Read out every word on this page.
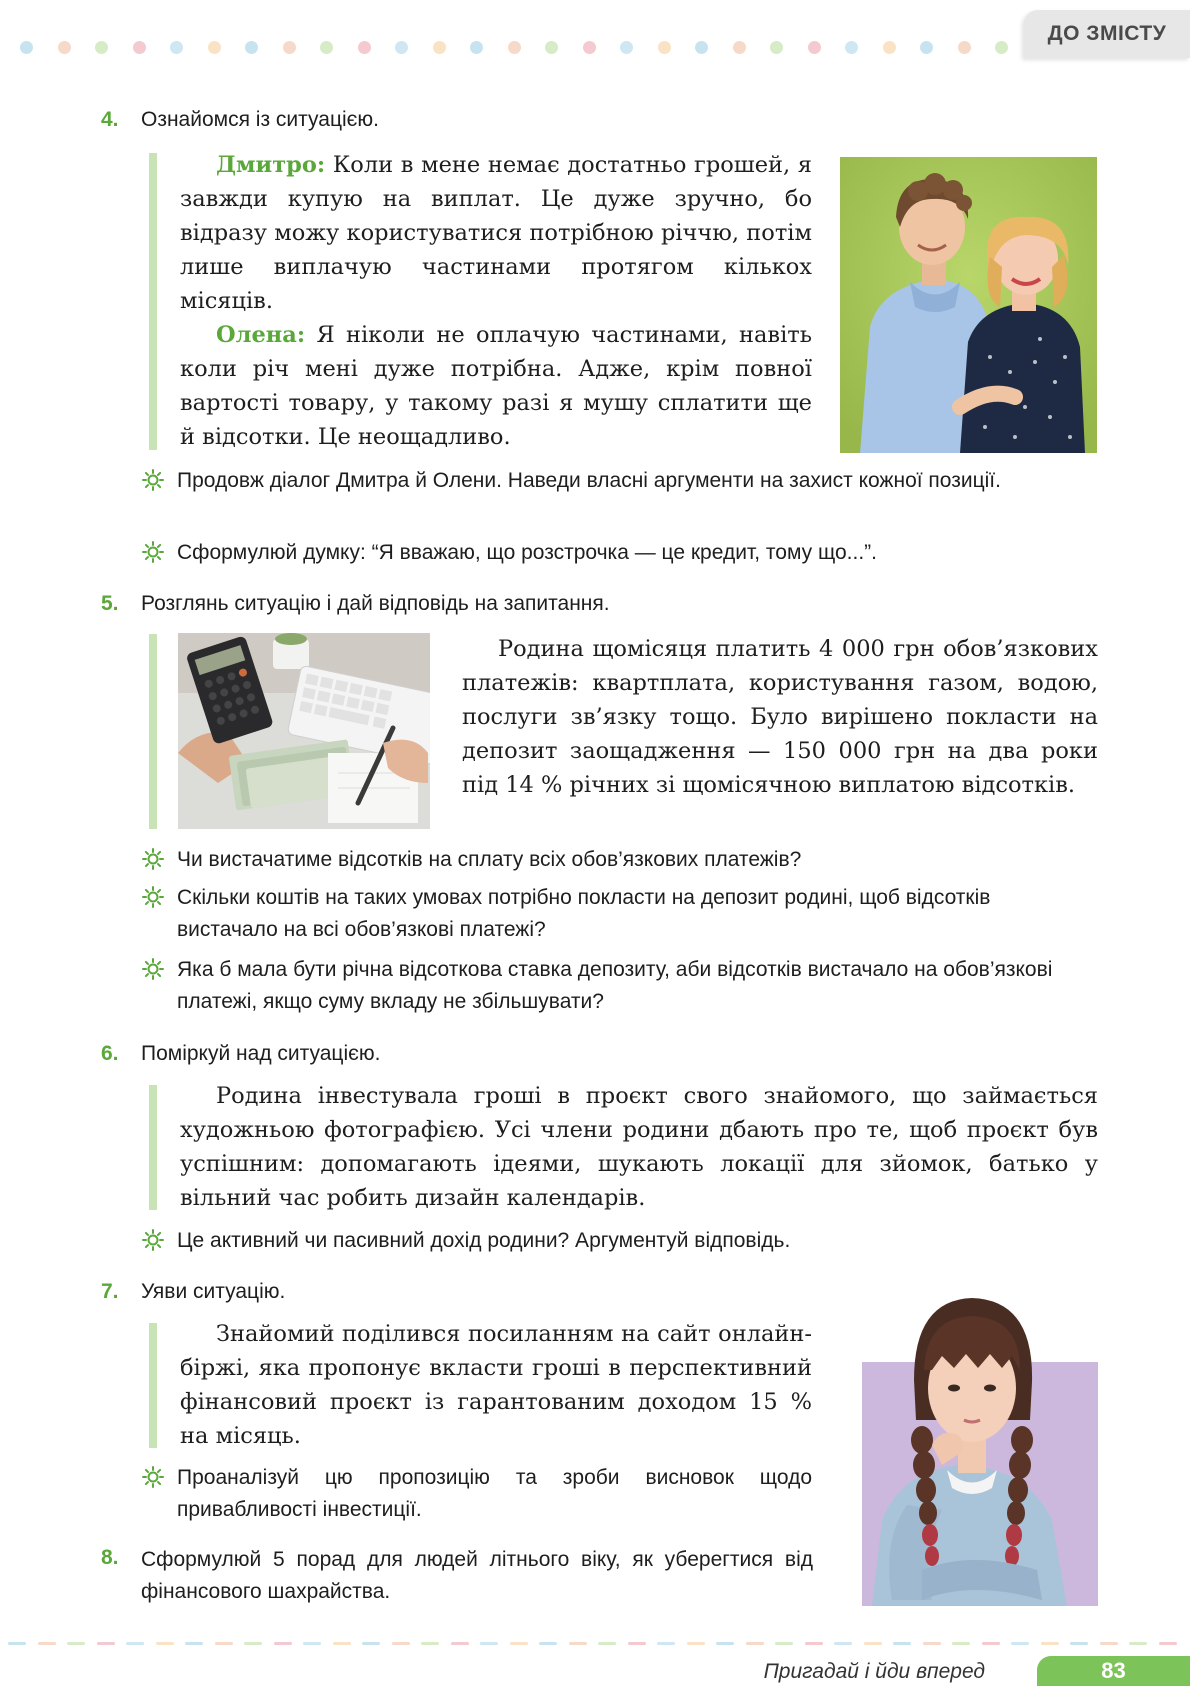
ДО ЗМІСТУ
4. Ознайомся із ситуацією.
Дмитро: Коли в мене немає достатньо грошей, я завжди купую на виплат. Це дуже зручно, бо відразу можу користуватися потрібною річчю, потім лише виплачую частинами протягом кількох місяців.
Олена: Я ніколи не оплачую частинами, навіть коли річ мені дуже потрібна. Адже, крім повної вартості товару, у такому разі я мушу сплатити ще й відсотки. Це неощадливо.
Продовж діалог Дмитра й Олени. Наведи власні аргументи на захист кожної позиції.
Сформулюй думку: “Я вважаю, що розстрочка — це кредит, тому що...”.
5. Розглянь ситуацію і дай відповідь на запитання.
Родина щомісяця платить 4 000 грн обов’язкових платежів: квартплата, користування газом, водою, послуги зв’язку тощо. Було вирішено покласти на депозит заощадження — 150 000 грн на два роки під 14 % річних зі щомісячною виплатою відсотків.
Чи вистачатиме відсотків на сплату всіх обов’язкових платежів?
Скільки коштів на таких умовах потрібно покласти на депозит родині, щоб відсотків вистачало на всі обов’язкові платежі?
Яка б мала бути річна відсоткова ставка депозиту, аби відсотків вистачало на обов’язкові платежі, якщо суму вкладу не збільшувати?
6. Поміркуй над ситуацією.
Родина інвестувала гроші в проєкт свого знайомого, що займається художньою фотографією. Усі члени родини дбають про те, щоб проєкт був успішним: допомагають ідеями, шукають локації для зйомок, батько у вільний час робить дизайн календарів.
Це активний чи пасивний дохід родини? Аргументуй відповідь.
7. Уяви ситуацію.
Знайомий поділився посиланням на сайт онлайн-біржі, яка пропонує вкласти гроші в перспективний фінансовий проєкт із гарантованим доходом 15 % на місяць.
Проаналізуй цю пропозицію та зроби висновок щодо привабливості інвестиції.
8. Сформулюй 5 порад для людей літнього віку, як уберегтися від фінансового шахрайства.
Пригадай і йди вперед	83
